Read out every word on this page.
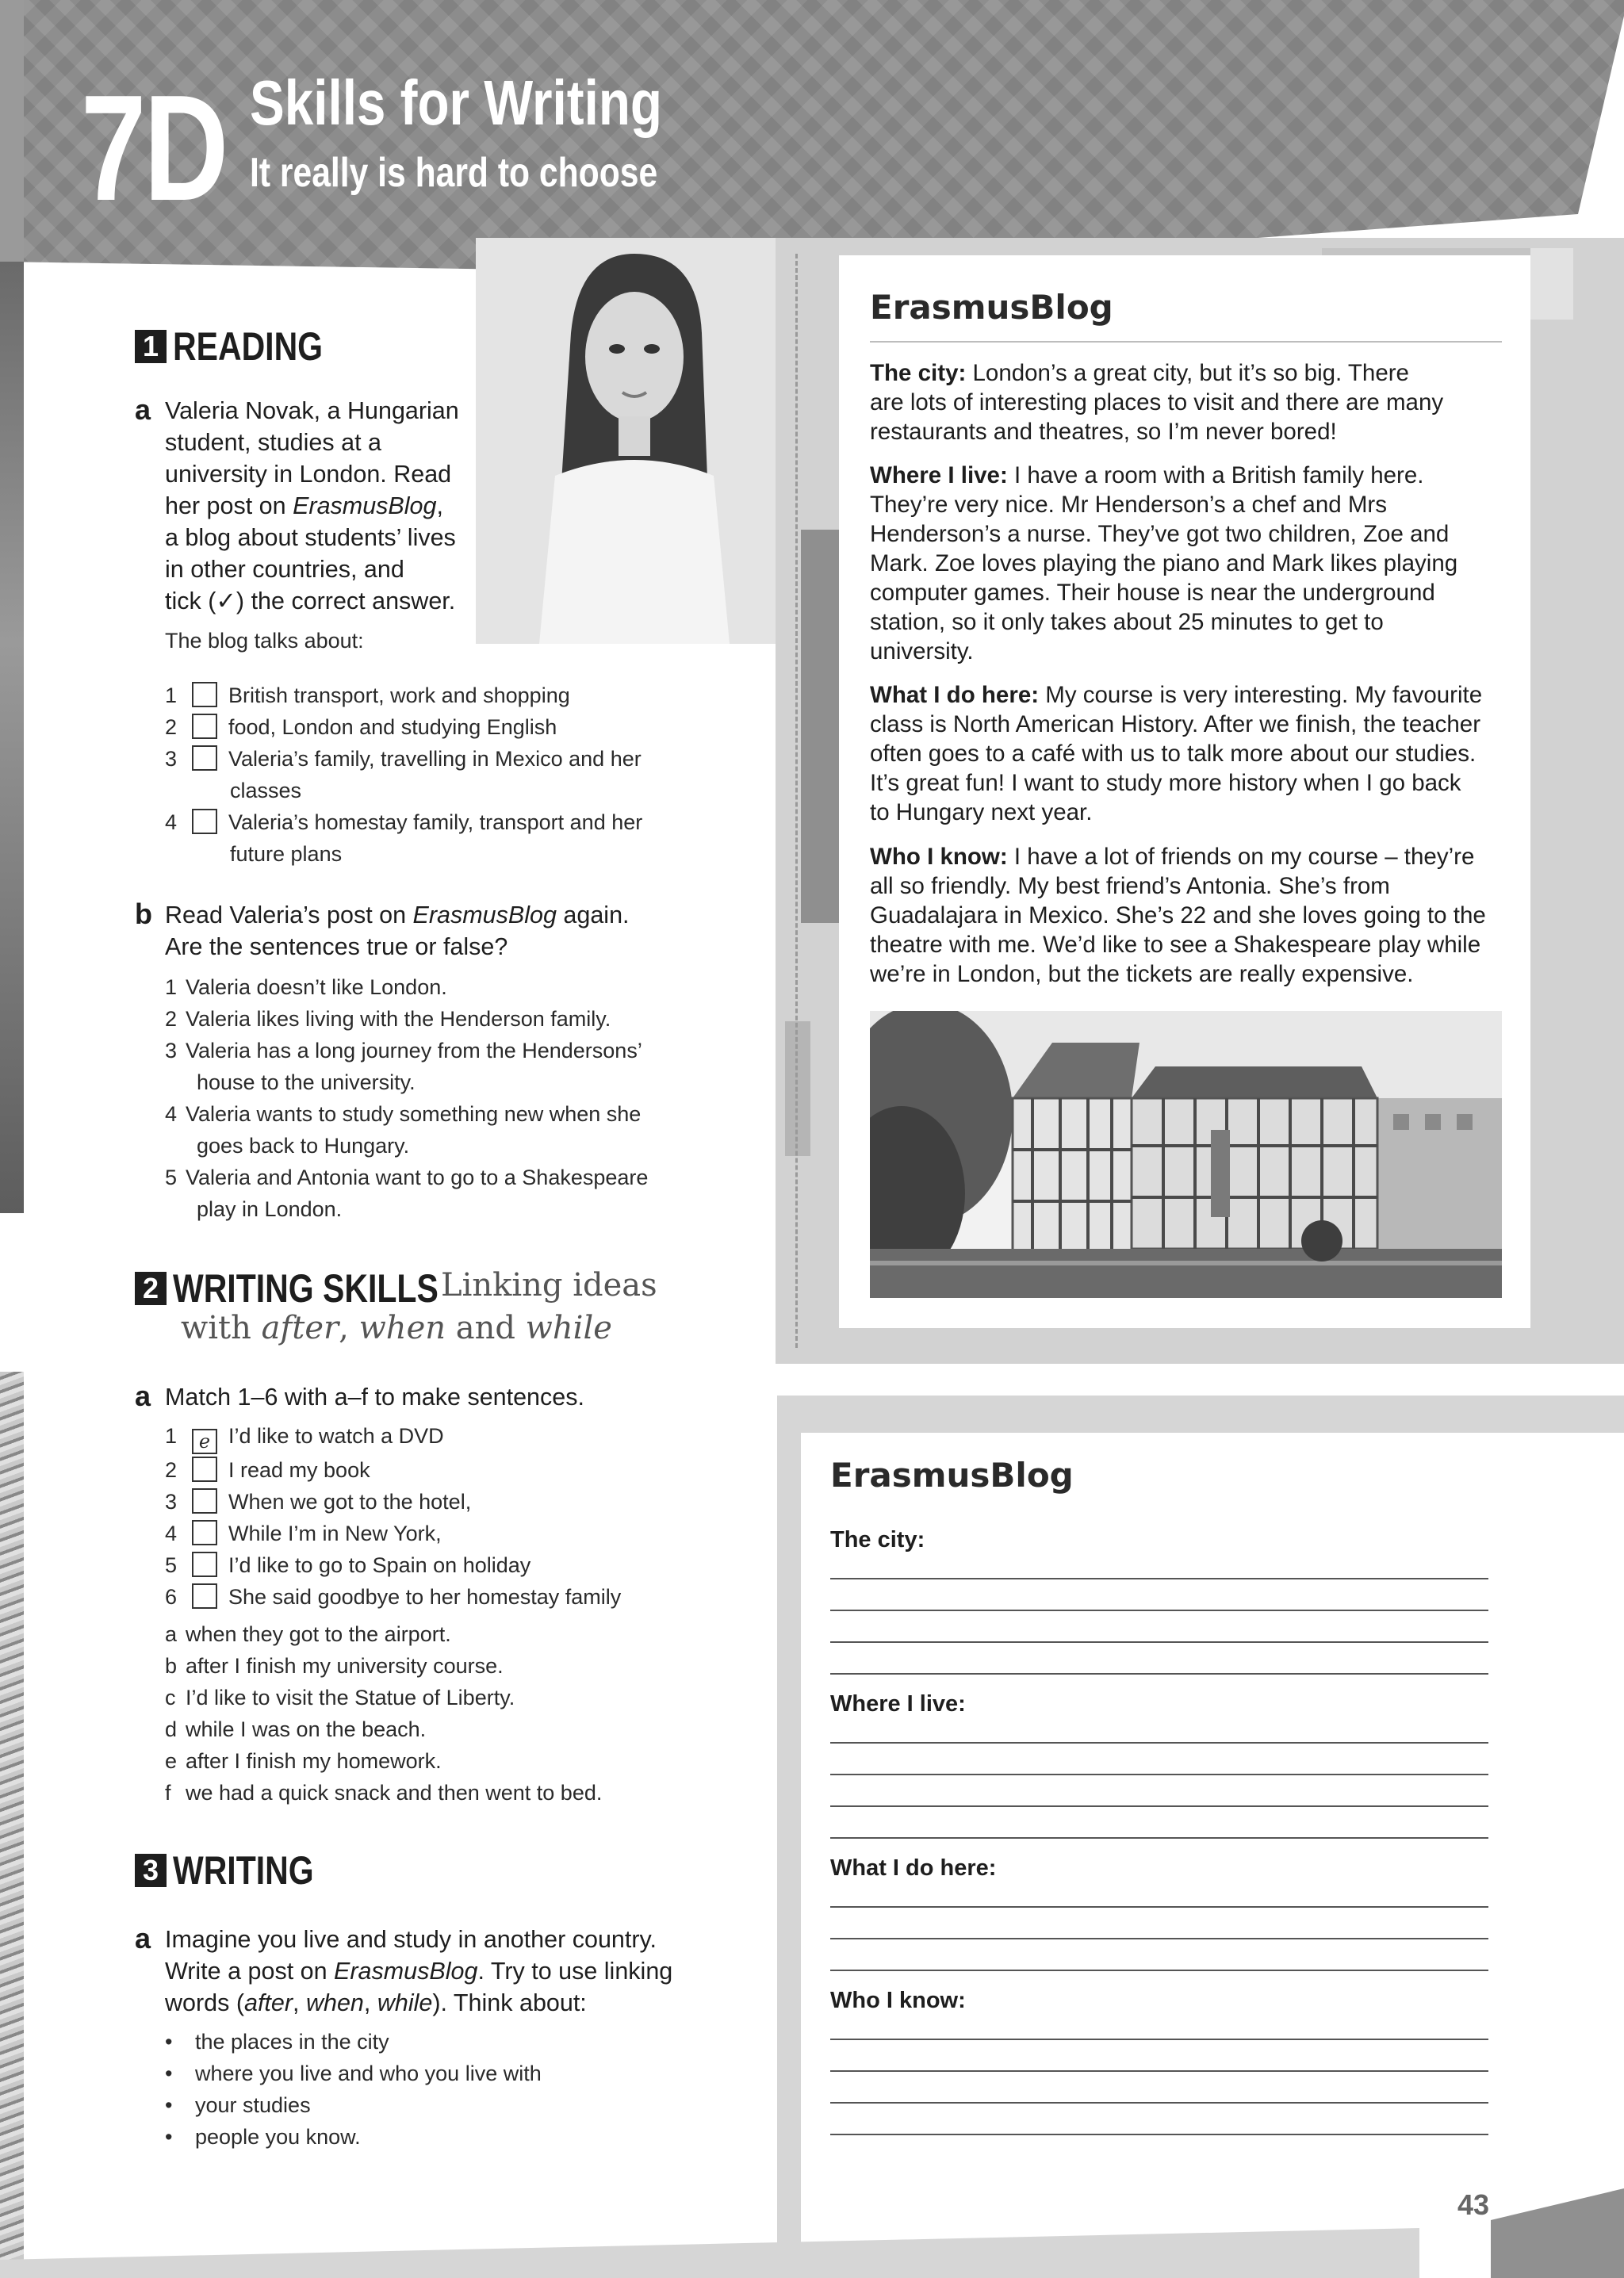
7D Skills for Writing
It really is hard to choose
ErasmusBlog
The city: London’s a great city, but it’s so big. There
are lots of interesting places to visit and there are many
restaurants and theatres, so I’m never bored!
Where I live: I have a room with a British family here.
They’re very nice. Mr Henderson’s a chef and Mrs
Henderson’s a nurse. They’ve got two children, Zoe and
Mark. Zoe loves playing the piano and Mark likes playing
computer games. Their house is near the underground
station, so it only takes about 25 minutes to get to
university.
What I do here: My course is very interesting. My favourite
class is North American History. After we finish, the teacher
often goes to a café with us to talk more about our studies.
It’s great fun! I want to study more history when I go back
to Hungary next year.
Who I know: I have a lot of friends on my course – they’re
all so friendly. My best friend’s Antonia. She’s from
Guadalajara in Mexico. She’s 22 and she loves going to the
theatre with me. We’d like to see a Shakespeare play while
we’re in London, but the tickets are really expensive.
1 READING
a Valeria Novak, a Hungarian
student, studies at a
university in London. Read
her post on ErasmusBlog,
a blog about students’ lives
in other countries, and
tick (✓) the correct answer.
The blog talks about:
1 British transport, work and shopping
2 food, London and studying English
3 Valeria’s family, travelling in Mexico and her
classes
4 Valeria’s homestay family, transport and her
future plans
b Read Valeria’s post on ErasmusBlog again.
Are the sentences true or false?
1 Valeria doesn’t like London.
2 Valeria likes living with the Henderson family.
3 Valeria has a long journey from the Hendersons’
house to the university.
4 Valeria wants to study something new when she
goes back to Hungary.
5 Valeria and Antonia want to go to a Shakespeare
play in London.
2 WRITING SKILLS Linking ideas
with after, when and while
a Match 1–6 with a–f to make sentences.
1 e I’d like to watch a DVD
2 I read my book
3 When we got to the hotel,
4 While I’m in New York,
5 I’d like to go to Spain on holiday
6 She said goodbye to her homestay family
a when they got to the airport.
b after I finish my university course.
c I’d like to visit the Statue of Liberty.
d while I was on the beach.
e after I finish my homework.
f we had a quick snack and then went to bed.
3 WRITING
a Imagine you live and study in another country.
Write a post on ErasmusBlog. Try to use linking
words (after, when, while). Think about:
• the places in the city
• where you live and who you live with
• your studies
• people you know.
ErasmusBlog
The city:
Where I live:
What I do here:
Who I know:
43
